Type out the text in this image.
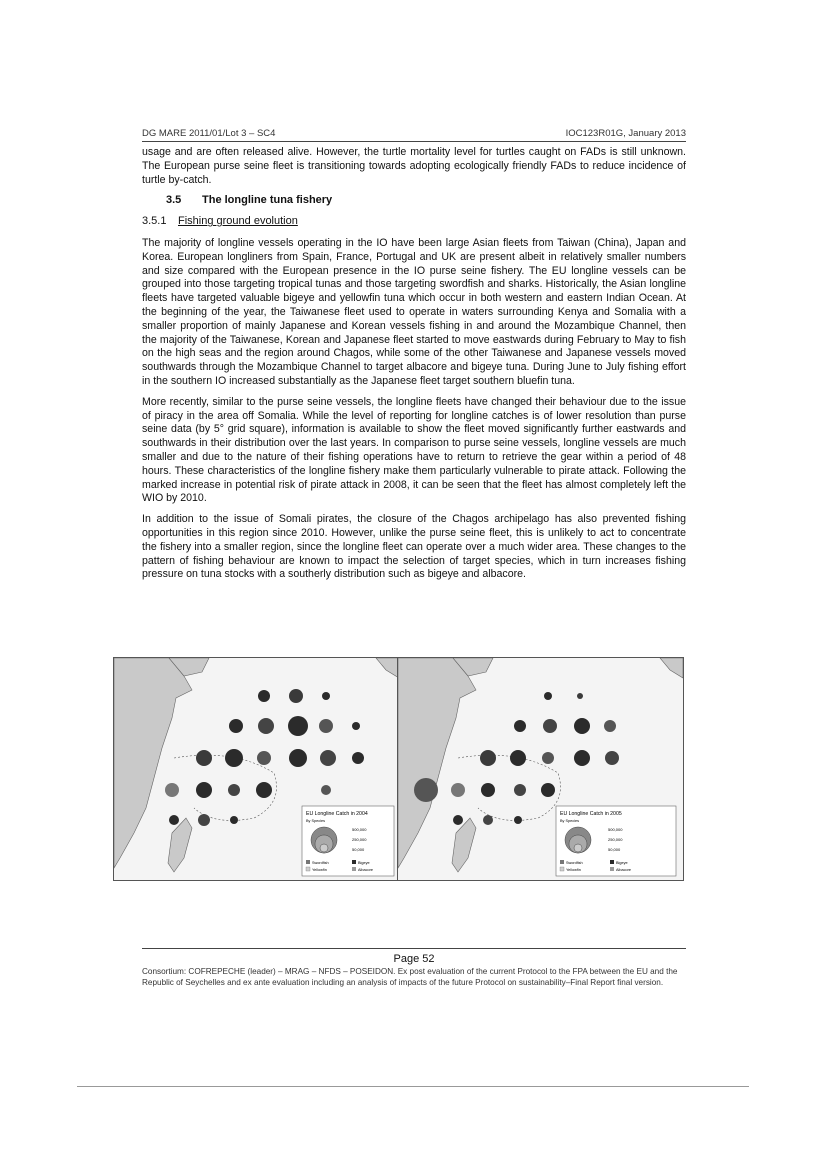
DG MARE 2011/01/Lot 3 – SC4	IOC123R01G, January 2013

usage and are often released alive. However, the turtle mortality level for turtles caught on FADs is still unknown. The European purse seine fleet is transitioning towards adopting ecologically friendly FADs to reduce incidence of turtle by-catch.

3.5 The longline tuna fishery
3.5.1 Fishing ground evolution

The majority of longline vessels operating in the IO have been large Asian fleets from Taiwan (China), Japan and Korea. European longliners from Spain, France, Portugal and UK are present albeit in relatively smaller numbers and size compared with the European presence in the IO purse seine fishery. The EU longline vessels can be grouped into those targeting tropical tunas and those targeting swordfish and sharks. Historically, the Asian longline fleets have targeted valuable bigeye and yellowfin tuna which occur in both western and eastern Indian Ocean. At the beginning of the year, the Taiwanese fleet used to operate in waters surrounding Kenya and Somalia with a smaller proportion of mainly Japanese and Korean vessels fishing in and around the Mozambique Channel, then the majority of the Taiwanese, Korean and Japanese fleet started to move eastwards during February to May to fish on the high seas and the region around Chagos, while some of the other Taiwanese and Japanese vessels moved southwards through the Mozambique Channel to target albacore and bigeye tuna. During June to July fishing effort in the southern IO increased substantially as the Japanese fleet target southern bluefin tuna.

More recently, similar to the purse seine vessels, the longline fleets have changed their behaviour due to the issue of piracy in the area off Somalia. While the level of reporting for longline catches is of lower resolution than purse seine data (by 5° grid square), information is available to show the fleet moved significantly further eastwards and southwards in their distribution over the last years. In comparison to purse seine vessels, longline vessels are much smaller and due to the nature of their fishing operations have to return to retrieve the gear within a period of 48 hours. These characteristics of the longline fishery make them particularly vulnerable to pirate attack. Following the marked increase in potential risk of pirate attack in 2008, it can be seen that the fleet has almost completely left the WIO by 2010.

In addition to the issue of Somali pirates, the closure of the Chagos archipelago has also prevented fishing opportunities in this region since 2010. However, unlike the purse seine fleet, this is unlikely to act to concentrate the fishery into a smaller region, since the longline fleet can operate over a much wider area. These changes to the pattern of fishing behaviour are known to impact the selection of target species, which in turn increases fishing pressure on tuna stocks with a southerly distribution such as bigeye and albacore.

EU Longline Catch in 2004
By Species
500,000
250,000
50,000
Swordfish
Yellowfin
Bigeye
Albacore
EU Longline Catch in 2005
By Species
500,000
250,000
50,000
Swordfish
Yellowfin
Bigeye
Albacore
Page 52
Consortium: COFREPECHE (leader) – MRAG – NFDS – POSEIDON. Ex post evaluation of the current Protocol to the FPA between the EU and the Republic of Seychelles and ex ante evaluation including an analysis of impacts of the future Protocol on sustainability–Final Report final version.
